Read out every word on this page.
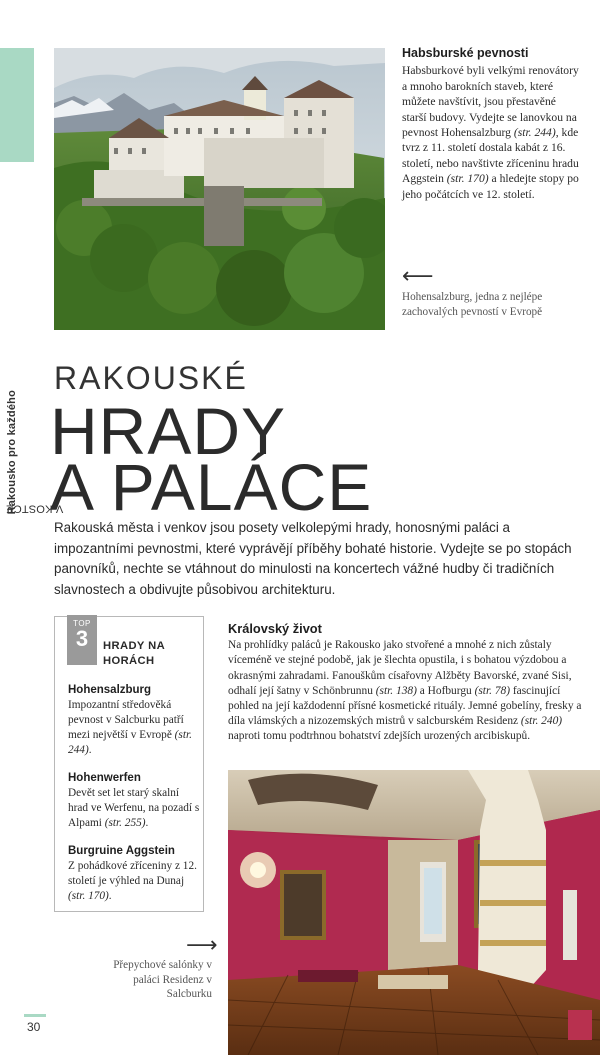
V KOSTCE
Rakousko pro každého
Habsburské pevnosti

Habsburkové byli velkými renovátory a mnoho barokních staveb, které můžete navštívit, jsou přestavěné starší budovy. Vydejte se lanovkou na pevnost Hohensalzburg (str. 244), kde tvrz z 11. století dostala kabát z 16. století, nebo navštivte zříceninu hradu Aggstein (str. 170) a hledejte stopy po jeho počátcích ve 12. století.

⟵
Hohensalzburg, jedna z nejlépe zachovalých pevností v Evropě
RAKOUSKÉ
HRADY
A PALÁCE
Rakouská města i venkov jsou posety velkolepými hrady, honosnými paláci a impozantními pevnostmi, které vyprávějí příběhy bohaté historie. Vydejte se po stopách panovníků, nechte se vtáhnout do minulosti na koncertech vážné hudby či tradičních slavnostech a obdivujte působivou architekturu.
TOP
3	HRADY NA HORÁCH
Hohensalzburg

Impozantní středověká pevnost v Salcburku patří mezi největší v Evropě (str. 244).

Hohenwerfen

Devět set let starý skalní hrad ve Werfenu, na pozadí s Alpami (str. 255).

Burgruine Aggstein

Z pohádkové zříceniny z 12. století je výhled na Dunaj (str. 170).

Královský život

Na prohlídky paláců je Rakousko jako stvořené a mnohé z nich zůstaly víceméně ve stejné podobě, jak je šlechta opustila, i s bohatou výzdobou a okrasnými zahradami. Fanouškům císařovny Alžběty Bavorské, zvané Sisi, odhalí její šatny v Schönbrunnu (str. 138) a Hofburgu (str. 78) fascinující pohled na její každodenní přísné kosmetické rituály. Jemné gobelíny, fresky a díla vlámských a nizozemských mistrů v salcburském Residenz (str. 240) naproti tomu podtrhnou bohatství zdejších urozených arcibiskupů.

⟶
Přepychové salónky v paláci Residenz v Salcburku
30
